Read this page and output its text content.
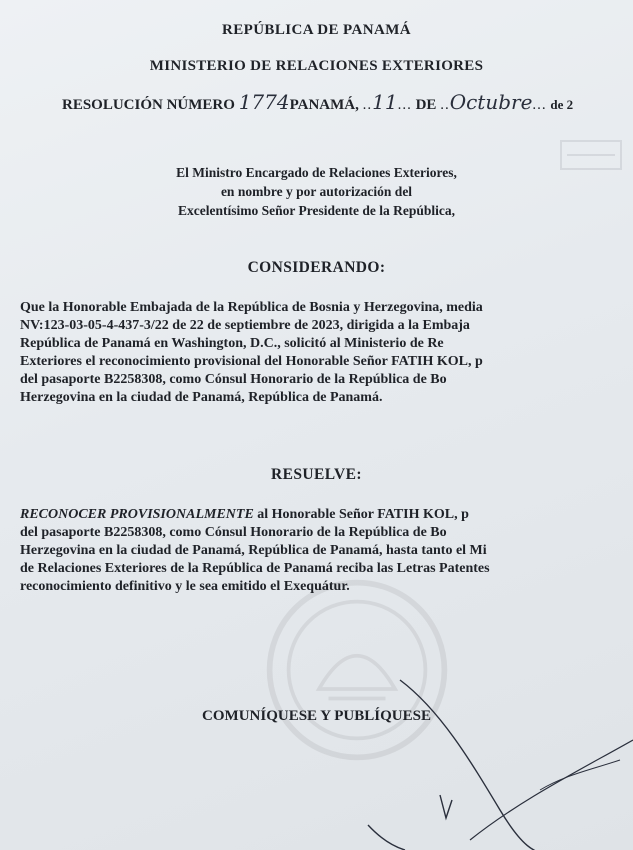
REPÚBLICA DE PANAMÁ
MINISTERIO DE RELACIONES EXTERIORES
RESOLUCIÓN NÚMERO 1774PANAMÁ, ..11... DE ..Octubre... de 2
El Ministro Encargado de Relaciones Exteriores,
en nombre y por autorización del
Excelentísimo Señor Presidente de la República,
CONSIDERANDO:
Que la Honorable Embajada de la República de Bosnia y Herzegovina, media
NV:123-03-05-4-437-3/22 de 22 de septiembre de 2023, dirigida a la Embaja
República de Panamá en Washington, D.C., solicitó al Ministerio de Re
Exteriores el reconocimiento provisional del Honorable Señor FATIH KOL, p
del pasaporte B2258308, como Cónsul Honorario de la República de Bo
Herzegovina en la ciudad de Panamá, República de Panamá.
RESUELVE:
RECONOCER PROVISIONALMENTE al Honorable Señor FATIH KOL, p
del pasaporte B2258308, como Cónsul Honorario de la República de Bo
Herzegovina en la ciudad de Panamá, República de Panamá, hasta tanto el Mi
de Relaciones Exteriores de la República de Panamá reciba las Letras Patentes
reconocimiento definitivo y le sea emitido el Exequátur.
COMUNÍQUESE Y PUBLÍQUESE
